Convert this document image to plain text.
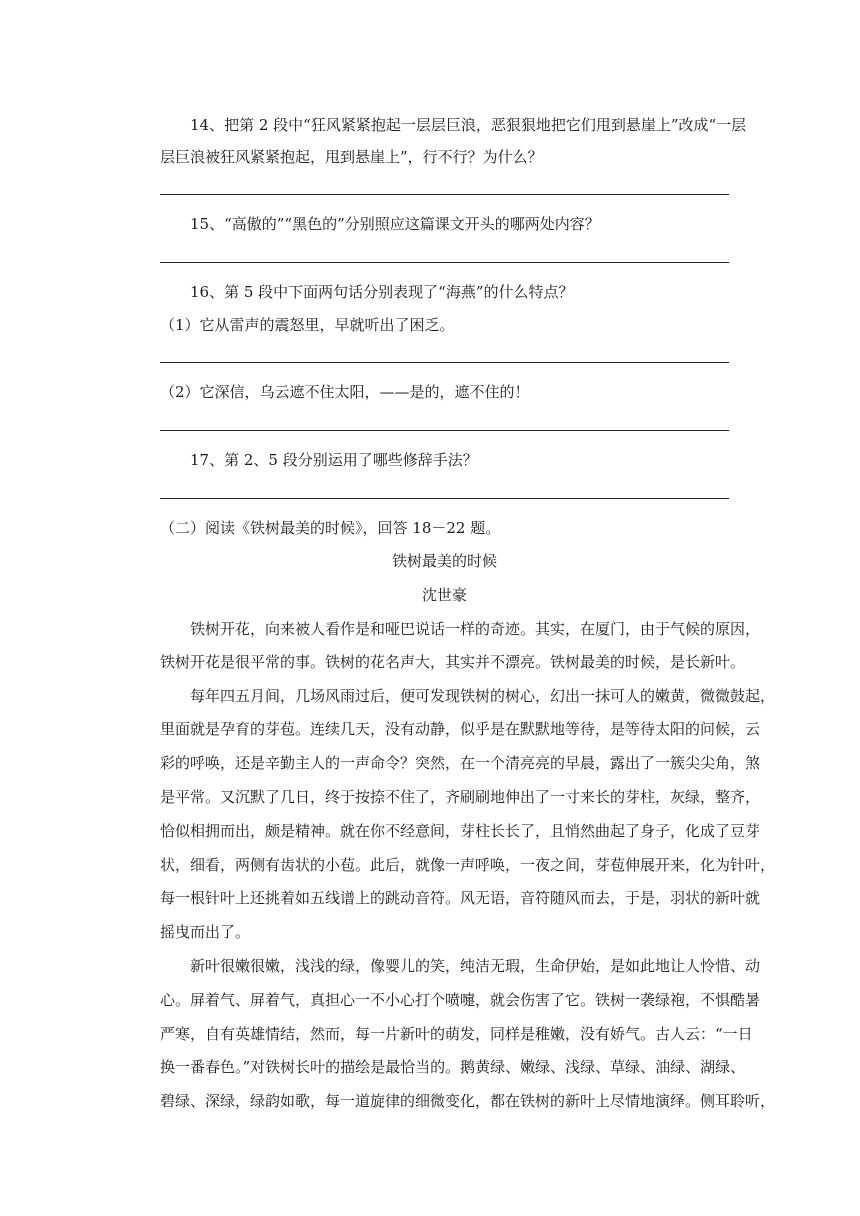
　　14、把第 2 段中“狂风紧紧抱起一层层巨浪，恶狠狠地把它们甩到悬崖上”改成“一层
层巨浪被狂风紧紧抱起，甩到悬崖上”，行不行？为什么？
　　15、“高傲的”“黑色的”分别照应这篇课文开头的哪两处内容？
　　16、第 5 段中下面两句话分别表现了“海燕”的什么特点？
（1）它从雷声的震怒里，早就听出了困乏。
（2）它深信，乌云遮不住太阳，——是的，遮不住的！
　　17、第 2、5 段分别运用了哪些修辞手法？
（二）阅读《铁树最美的时候》，回答 18－22 题。
铁树最美的时候
沈世豪
　　铁树开花，向来被人看作是和哑巴说话一样的奇迹。其实，在厦门，由于气候的原因，
铁树开花是很平常的事。铁树的花名声大，其实并不漂亮。铁树最美的时候，是长新叶。
　　每年四五月间，几场风雨过后，便可发现铁树的树心，幻出一抹可人的嫩黄，微微鼓起，
里面就是孕育的芽苞。连续几天，没有动静，似乎是在默默地等待，是等待太阳的问候，云
彩的呼唤，还是辛勤主人的一声命令？突然，在一个清亮亮的早晨，露出了一簇尖尖角，煞
是平常。又沉默了几日，终于按捺不住了，齐刷刷地伸出了一寸来长的芽柱，灰绿，整齐，
恰似相拥而出，颇是精神。就在你不经意间，芽柱长长了，且悄然曲起了身子，化成了豆芽
状，细看，两侧有齿状的小苞。此后，就像一声呼唤，一夜之间，芽苞伸展开来，化为针叶，
每一根针叶上还挑着如五线谱上的跳动音符。风无语，音符随风而去，于是，羽状的新叶就
摇曳而出了。
　　新叶很嫩很嫩，浅浅的绿，像婴儿的笑，纯洁无瑕，生命伊始，是如此地让人怜惜、动
心。屏着气、屏着气，真担心一不小心打个喷嚏，就会伤害了它。铁树一袭绿袍，不惧酷暑
严寒，自有英雄情结，然而，每一片新叶的萌发，同样是稚嫩，没有娇气。古人云：“一日
换一番春色。”对铁树长叶的描绘是最恰当的。鹅黄绿、嫩绿、浅绿、草绿、油绿、湖绿、
碧绿、深绿，绿韵如歌，每一道旋律的细微变化，都在铁树的新叶上尽情地演绎。侧耳聆听，
